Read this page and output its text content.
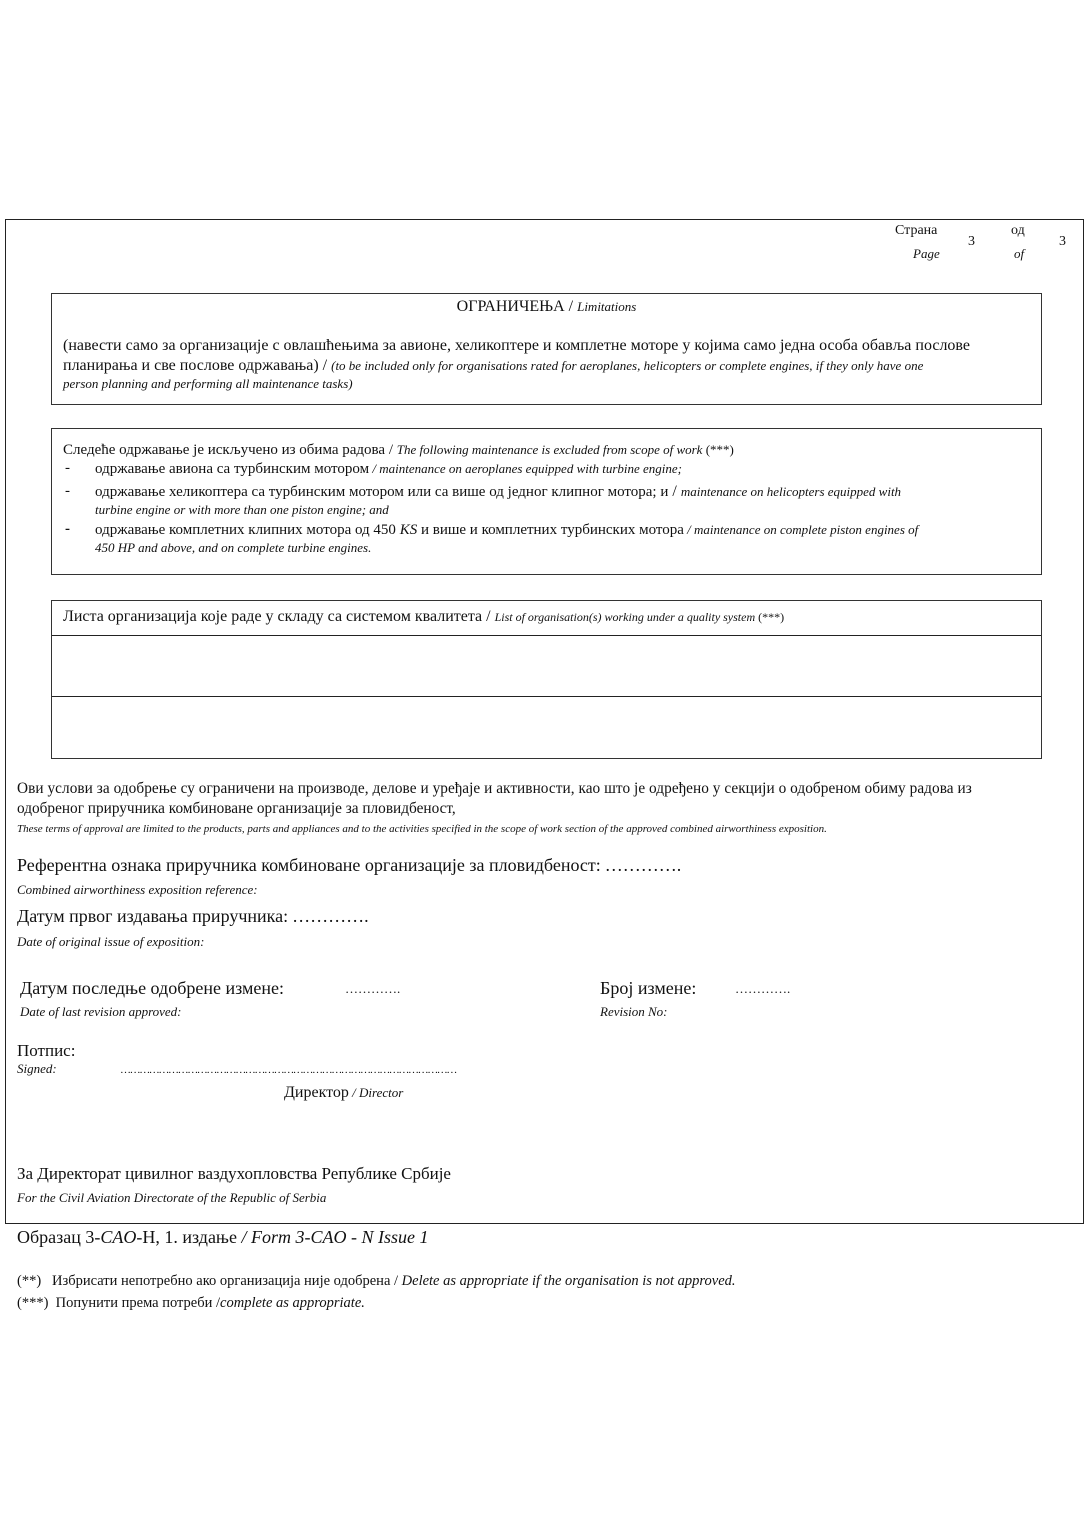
Страна
Page
3
од
of
3
ОГРАНИЧЕЊА / Limitations
(навести само за организације с овлашћењима за авионе, хеликоптере и комплетне моторе у којима само једна особа обавља послове
планирања и све послове одржавања) / (to be included only for organisations rated for aeroplanes, helicopters or complete engines, if they only have one
person planning and performing all maintenance tasks)
Следеће одржавање је искључено из обима радова / The following maintenance is excluded from scope of work (***)
- одржавање авиона са турбинским мотором / maintenance on aeroplanes equipped with turbine engine;
- одржавање хеликоптера са турбинским мотором или са више од једног клипног мотора; и / maintenance on helicopters equipped with
turbine engine or with more than one piston engine; and
- одржавање комплетних клипних мотора од 450 KS и више и комплетних турбинских мотора / maintenance on complete piston engines of
450 HP and above, and on complete turbine engines.
Листа организација које раде у складу са системом квалитета / List of organisation(s) working under a quality system (***)
Ови услови за одобрење су ограничени на производе, делове и уређаје и активности, као што је одређено у секцији о одобреном обиму радова из
одобреног приручника комбиноване организације за пловидбеност,
These terms of approval are limited to the products, parts and appliances and to the activities specified in the scope of work section of the approved combined airworthiness exposition.
Референтна ознака приручника комбиноване организације за пловидбеност: ………….
Combined airworthiness exposition reference:
Датум првог издавања приручника: ………….
Date of original issue of exposition:
Датум последње одобрене измене:	………….
Date of last revision approved:
Број измене:	………….
Revision No:
Потпис:
Signed:	……………………………………………………………………………………………
Директор / Director
За Директорат цивилног ваздухопловства Републике Србије
For the Civil Aviation Directorate of the Republic of Serbia
Образац 3-CAO-Н, 1. издање / Form 3-CAO - N Issue 1
(**) Избрисати непотребно ако организација није одобрена / Delete as appropriate if the organisation is not approved.
(***) Попунити према потреби /complete as appropriate.
